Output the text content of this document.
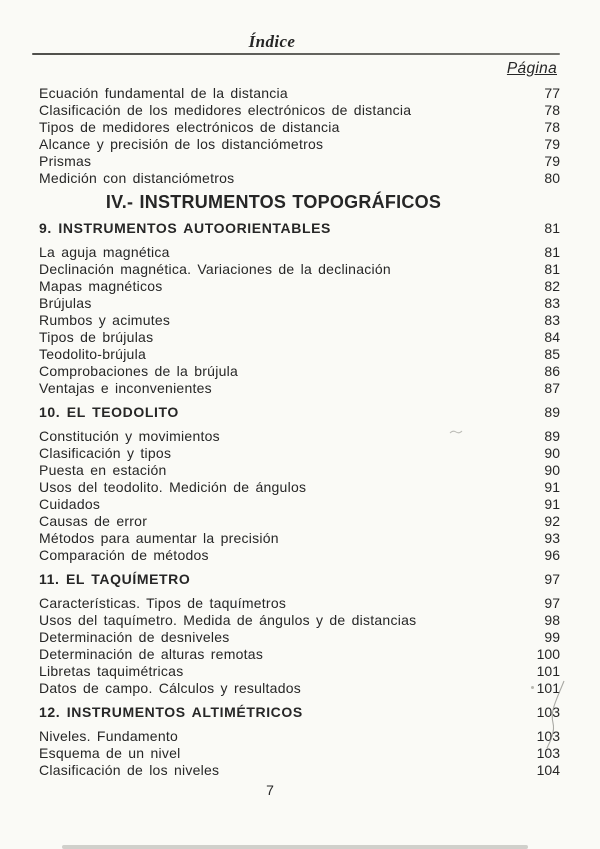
Índice
Página
Ecuación fundamental de la distancia	77
Clasificación de los medidores electrónicos de distancia	78
Tipos de medidores electrónicos de distancia	78
Alcance y precisión de los distanciómetros	79
Prismas	79
Medición con distanciómetros	80
IV.- INSTRUMENTOS TOPOGRÁFICOS
9. INSTRUMENTOS AUTOORIENTABLES	81
La aguja magnética	81
Declinación magnética. Variaciones de la declinación	81
Mapas magnéticos	82
Brújulas	83
Rumbos y acimutes	83
Tipos de brújulas	84
Teodolito-brújula	85
Comprobaciones de la brújula	86
Ventajas e inconvenientes	87
10. EL TEODOLITO	89
Constitución y movimientos	89
Clasificación y tipos	90
Puesta en estación	90
Usos del teodolito. Medición de ángulos	91
Cuidados	91
Causas de error	92
Métodos para aumentar la precisión	93
Comparación de métodos	96
11. EL TAQUÍMETRO	97
Características. Tipos de taquímetros	97
Usos del taquímetro. Medida de ángulos y de distancias	98
Determinación de desniveles	99
Determinación de alturas remotas	100
Libretas taquimétricas	101
Datos de campo. Cálculos y resultados	101
12. INSTRUMENTOS ALTIMÉTRICOS	103
Niveles. Fundamento	103
Esquema de un nivel	103
Clasificación de los niveles	104
7
